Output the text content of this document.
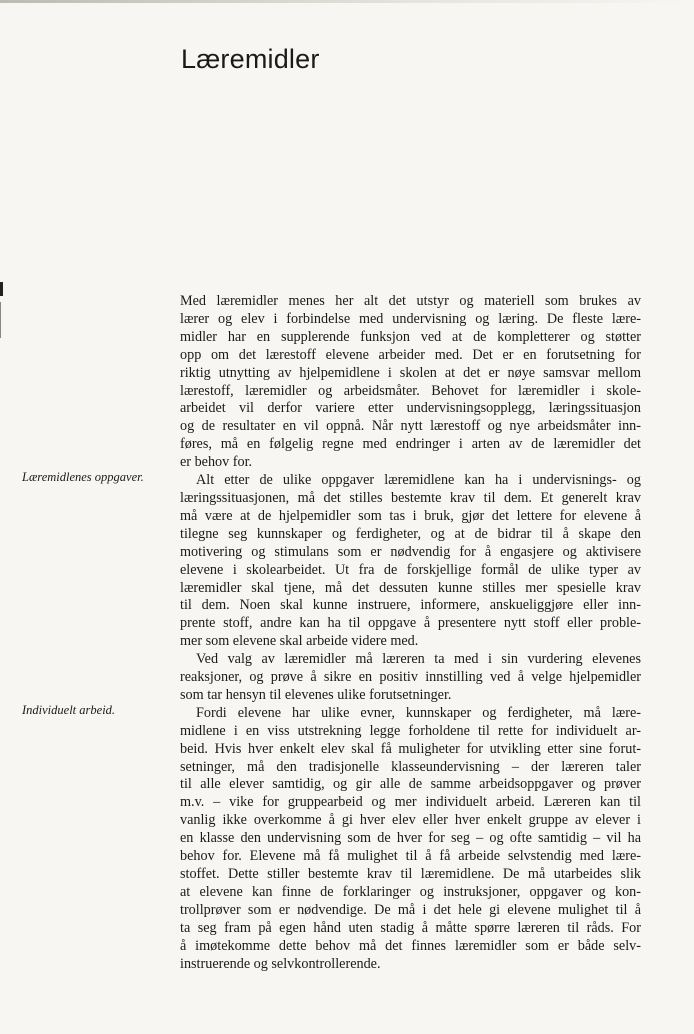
Læremidler
Læremidlenes oppgaver.
Individuelt arbeid.
Med læremidler menes her alt det utstyr og materiell som brukes av
lærer og elev i forbindelse med undervisning og læring. De fleste lære-
midler har en supplerende funksjon ved at de kompletterer og støtter
opp om det lærestoff elevene arbeider med. Det er en forutsetning for
riktig utnytting av hjelpemidlene i skolen at det er nøye samsvar mellom
lærestoff, læremidler og arbeidsmåter. Behovet for læremidler i skole-
arbeidet vil derfor variere etter undervisningsopplegg, læringssituasjon
og de resultater en vil oppnå. Når nytt lærestoff og nye arbeidsmåter inn-
føres, må en følgelig regne med endringer i arten av de læremidler det
er behov for.
Alt etter de ulike oppgaver læremidlene kan ha i undervisnings- og
læringssituasjonen, må det stilles bestemte krav til dem. Et generelt krav
må være at de hjelpemidler som tas i bruk, gjør det lettere for elevene å
tilegne seg kunnskaper og ferdigheter, og at de bidrar til å skape den
motivering og stimulans som er nødvendig for å engasjere og aktivisere
elevene i skolearbeidet. Ut fra de forskjellige formål de ulike typer av
læremidler skal tjene, må det dessuten kunne stilles mer spesielle krav
til dem. Noen skal kunne instruere, informere, anskueliggjøre eller inn-
prente stoff, andre kan ha til oppgave å presentere nytt stoff eller proble-
mer som elevene skal arbeide videre med.
Ved valg av læremidler må læreren ta med i sin vurdering elevenes
reaksjoner, og prøve å sikre en positiv innstilling ved å velge hjelpemidler
som tar hensyn til elevenes ulike forutsetninger.
Fordi elevene har ulike evner, kunnskaper og ferdigheter, må lære-
midlene i en viss utstrekning legge forholdene til rette for individuelt ar-
beid. Hvis hver enkelt elev skal få muligheter for utvikling etter sine forut-
setninger, må den tradisjonelle klasseundervisning – der læreren taler
til alle elever samtidig, og gir alle de samme arbeidsoppgaver og prøver
m.v. – vike for gruppearbeid og mer individuelt arbeid. Læreren kan til
vanlig ikke overkomme å gi hver elev eller hver enkelt gruppe av elever i
en klasse den undervisning som de hver for seg – og ofte samtidig – vil ha
behov for. Elevene må få mulighet til å få arbeide selvstendig med lære-
stoffet. Dette stiller bestemte krav til læremidlene. De må utarbeides slik
at elevene kan finne de forklaringer og instruksjoner, oppgaver og kon-
trollprøver som er nødvendige. De må i det hele gi elevene mulighet til å
ta seg fram på egen hånd uten stadig å måtte spørre læreren til råds. For
å imøtekomme dette behov må det finnes læremidler som er både selv-
instruerende og selvkontrollerende.
